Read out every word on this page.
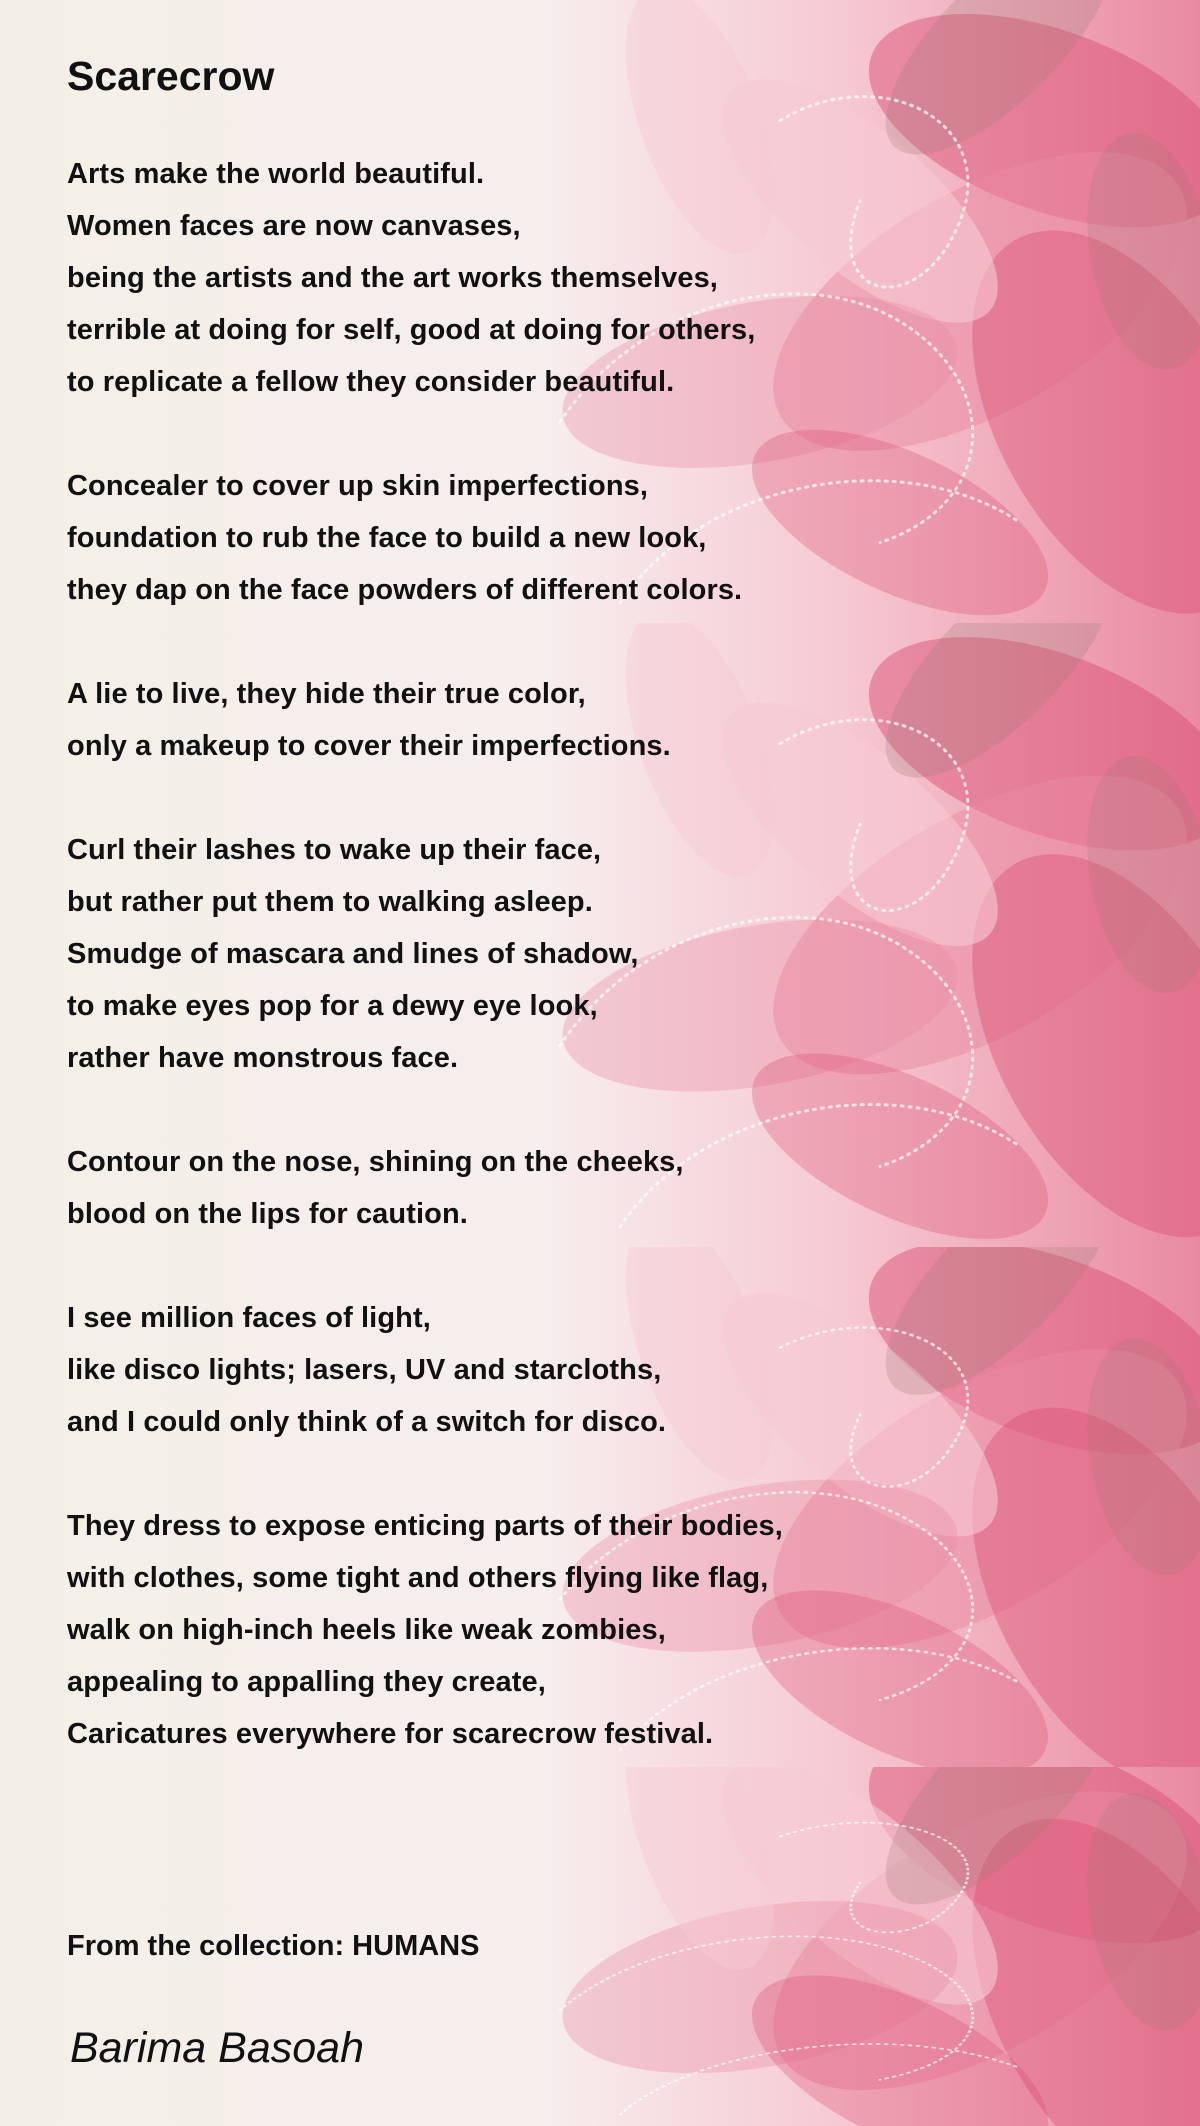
Scarecrow
Arts make the world beautiful.
Women faces are now canvases,
being the artists and the art works themselves,
terrible at doing for self, good at doing for others,
to replicate a fellow they consider beautiful.
Concealer to cover up skin imperfections,
foundation to rub the face to build a new look,
they dap on the face powders of different colors.
A lie to live, they hide their true color,
only a makeup to cover their imperfections.
Curl their lashes to wake up their face,
but rather put them to walking asleep.
Smudge of mascara and lines of shadow,
to make eyes pop for a dewy eye look,
rather have monstrous face.
Contour on the nose, shining on the cheeks,
blood on the lips for caution.
I see million faces of light,
like disco lights; lasers, UV and starcloths,
and I could only think of a switch for disco.
They dress to expose enticing parts of their bodies,
with clothes, some tight and others flying like flag,
walk on high-inch heels like weak zombies,
appealing to appalling they create,
Caricatures everywhere for scarecrow festival.
From the collection: HUMANS
Barima Basoah
